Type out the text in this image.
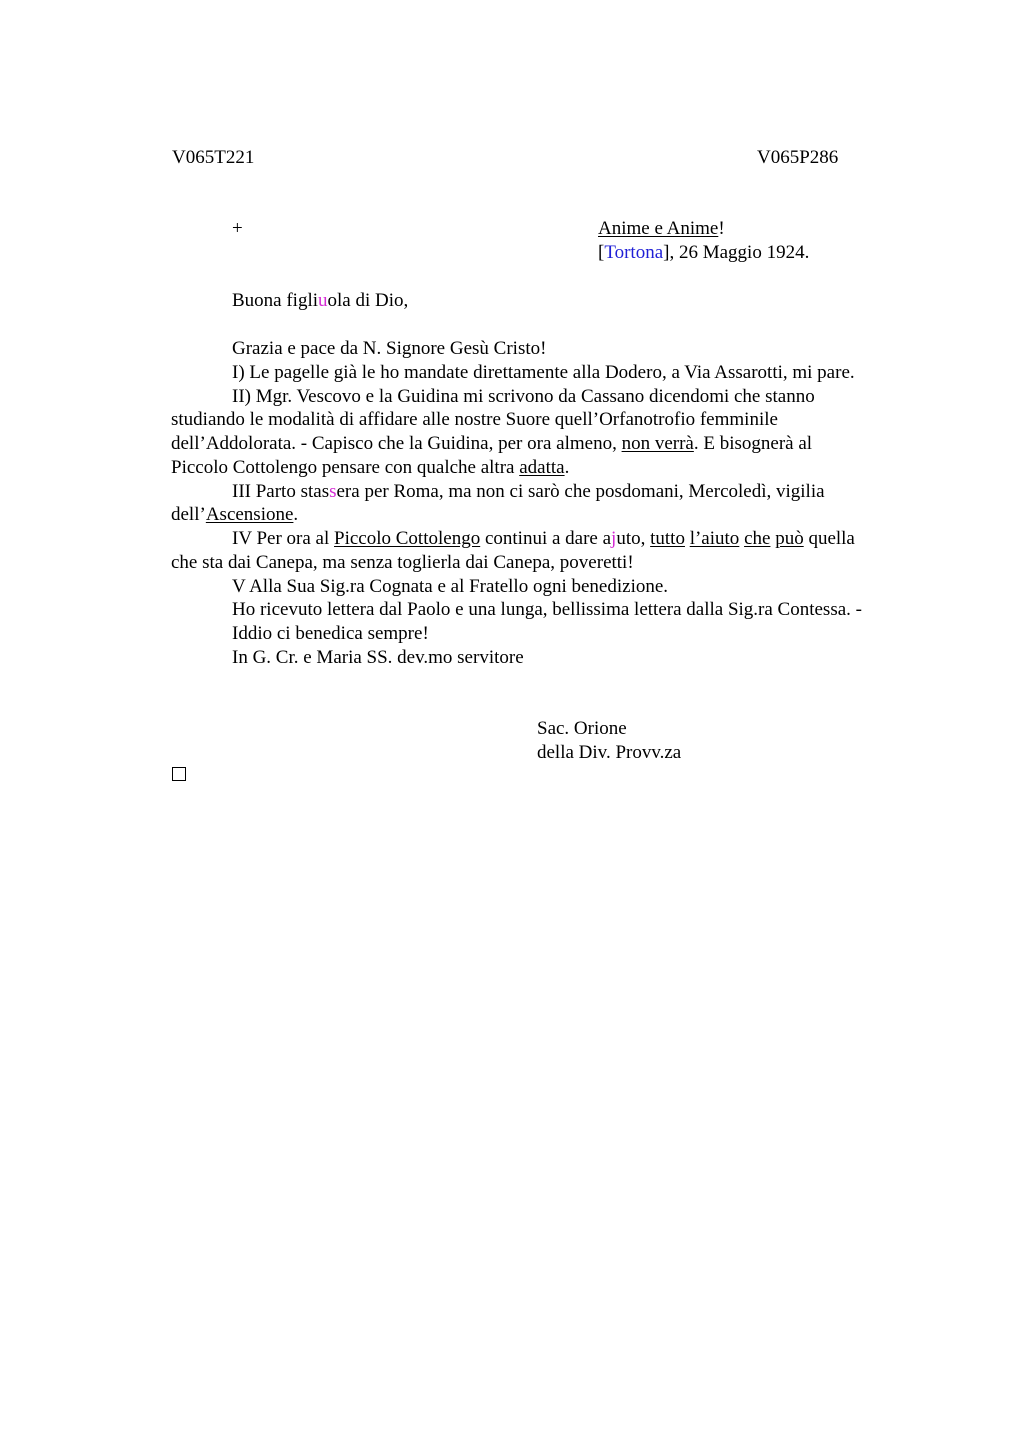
V065T221	V065P286
+	Anime e Anime!
[Tortona], 26 Maggio 1924.
Buona figliuola di Dio,
Grazia e pace da N. Signore Gesù Cristo!
I) Le pagelle già le ho mandate direttamente alla Dodero, a Via Assarotti, mi pare.
II) Mgr. Vescovo e la Guidina mi scrivono da Cassano dicendomi che stanno
studiando le modalità di affidare alle nostre Suore quell’Orfanotrofio femminile
dell’Addolorata. - Capisco che la Guidina, per ora almeno, non verrà. E bisognerà al
Piccolo Cottolengo pensare con qualche altra adatta.
III Parto stassera per Roma, ma non ci sarò che posdomani, Mercoledì, vigilia
dell’Ascensione.
IV Per ora al Piccolo Cottolengo continui a dare ajuto, tutto l’aiuto che può quella
che sta dai Canepa, ma senza toglierla dai Canepa, poveretti!
V Alla Sua Sig.ra Cognata e al Fratello ogni benedizione.
Ho ricevuto lettera dal Paolo e una lunga, bellissima lettera dalla Sig.ra Contessa. -
Iddio ci benedica sempre!
In G. Cr. e Maria SS. dev.mo servitore
Sac. Orione
della Div. Provv.za
